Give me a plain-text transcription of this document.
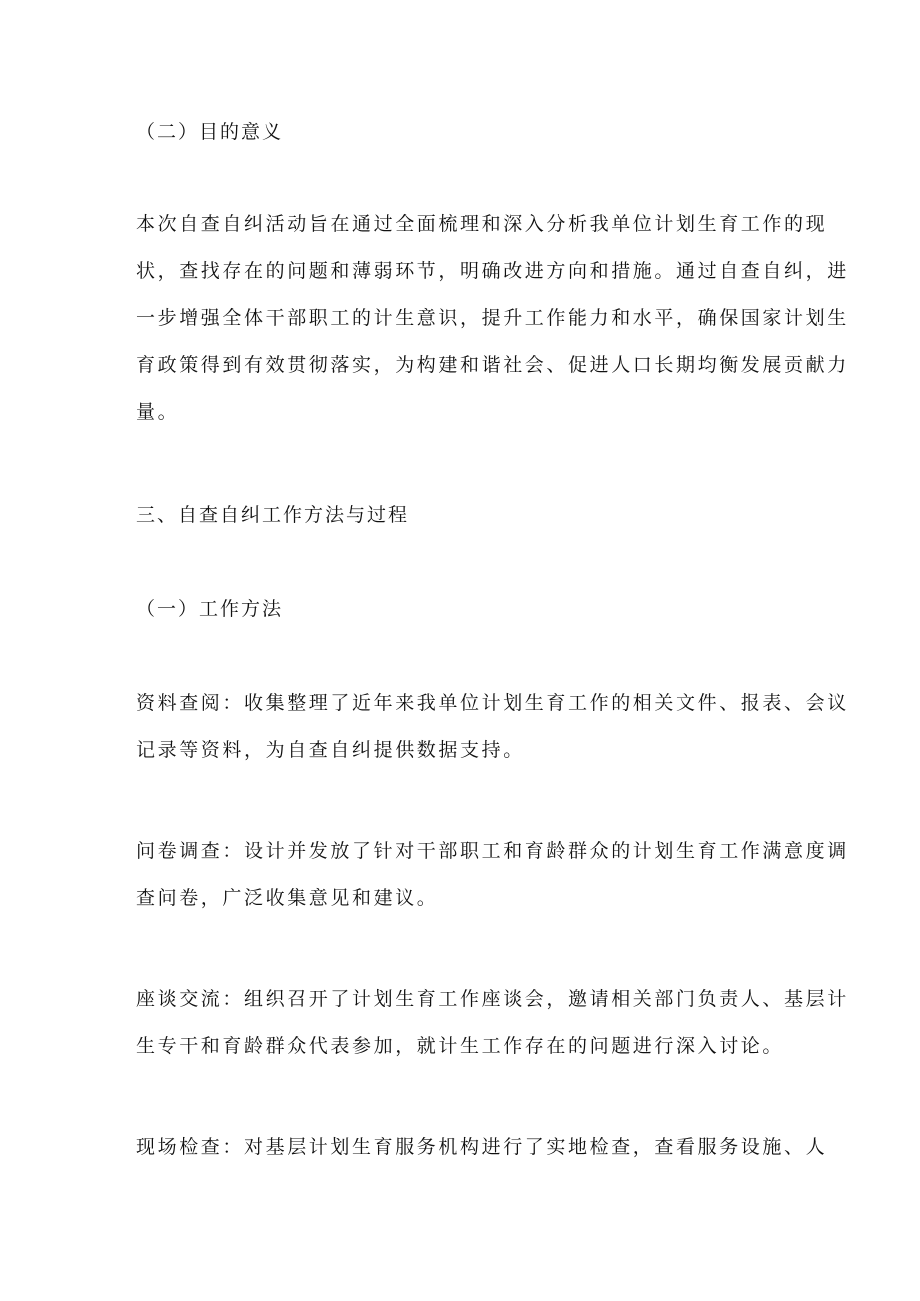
（二）目的意义
本次自查自纠活动旨在通过全面梳理和深入分析我单位计划生育工作的现
状，查找存在的问题和薄弱环节，明确改进方向和措施。通过自查自纠，进
一步增强全体干部职工的计生意识，提升工作能力和水平，确保国家计划生
育政策得到有效贯彻落实，为构建和谐社会、促进人口长期均衡发展贡献力
量。
三、自查自纠工作方法与过程
（一）工作方法
资料查阅：收集整理了近年来我单位计划生育工作的相关文件、报表、会议
记录等资料，为自查自纠提供数据支持。
问卷调查：设计并发放了针对干部职工和育龄群众的计划生育工作满意度调
查问卷，广泛收集意见和建议。
座谈交流：组织召开了计划生育工作座谈会，邀请相关部门负责人、基层计
生专干和育龄群众代表参加，就计生工作存在的问题进行深入讨论。
现场检查：对基层计划生育服务机构进行了实地检查，查看服务设施、人
